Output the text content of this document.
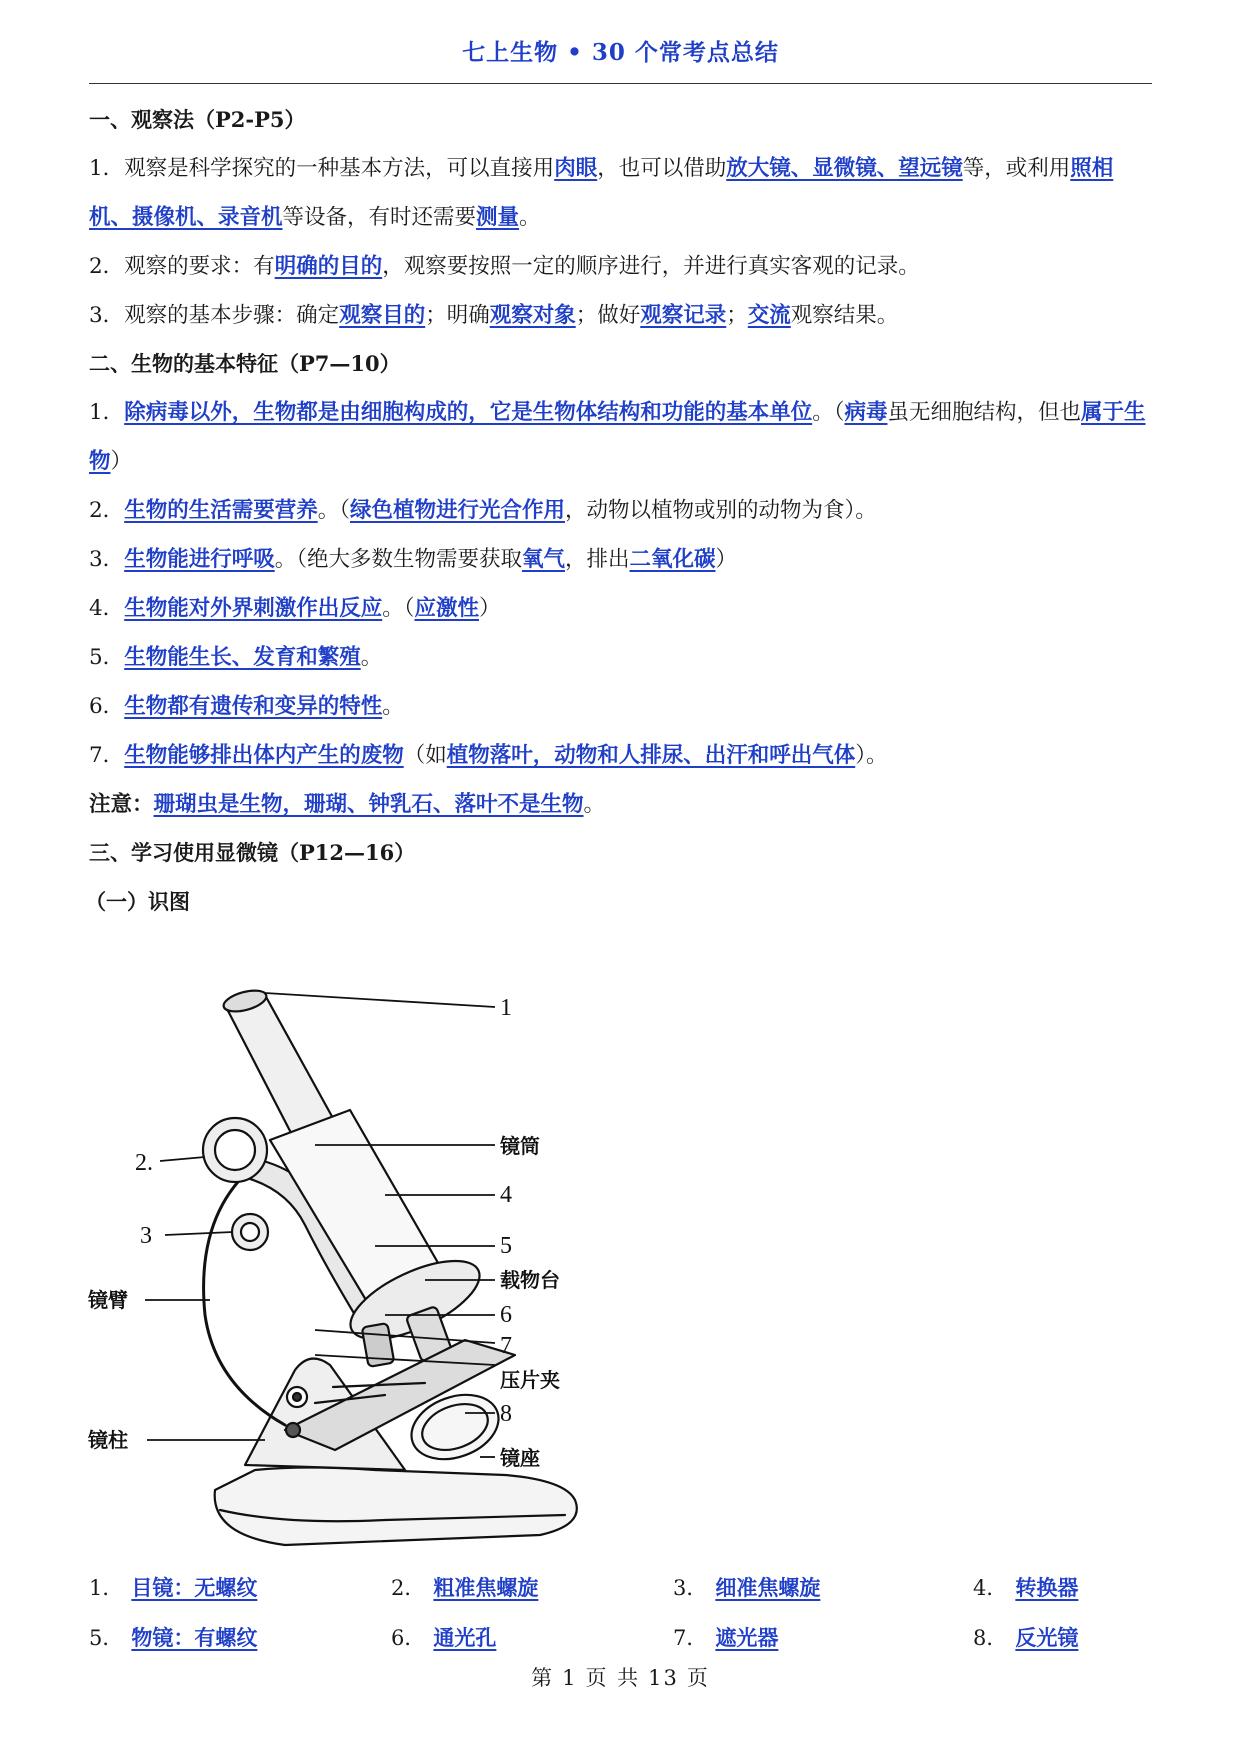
七上生物 • 30 个常考点总结
一、观察法（P2-P5）

1．观察是科学探究的一种基本方法，可以直接用肉眼，也可以借助放大镜、显微镜、望远镜等，或利用照相机、摄像机、录音机等设备，有时还需要测量。

2．观察的要求：有明确的目的，观察要按照一定的顺序进行，并进行真实客观的记录。

3．观察的基本步骤：确定观察目的；明确观察对象；做好观察记录；交流观察结果。

二、生物的基本特征（P7—10）

1．除病毒以外，生物都是由细胞构成的，它是生物体结构和功能的基本单位。（病毒虽无细胞结构，但也属于生物）

2．生物的生活需要营养。（绿色植物进行光合作用，动物以植物或别的动物为食）。

3．生物能进行呼吸。（绝大多数生物需要获取氧气，排出二氧化碳）

4．生物能对外界刺激作出反应。（应激性）

5．生物能生长、发育和繁殖。

6．生物都有遗传和变异的特性。

7．生物能够排出体内产生的废物（如植物落叶，动物和人排尿、出汗和呼出气体）。

注意：珊瑚虫是生物，珊瑚、钟乳石、落叶不是生物。

三、学习使用显微镜（P12—16）
（一）识图
1
2.
3
4
5
6
7
8
镜筒
载物台
镜臂
压片夹
镜柱
镜座
1． 目镜：无螺纹	2． 粗准焦螺旋	3． 细准焦螺旋	4． 转换器
5． 物镜：有螺纹	6． 通光孔	7． 遮光器	8． 反光镜
第 1 页 共 13 页
